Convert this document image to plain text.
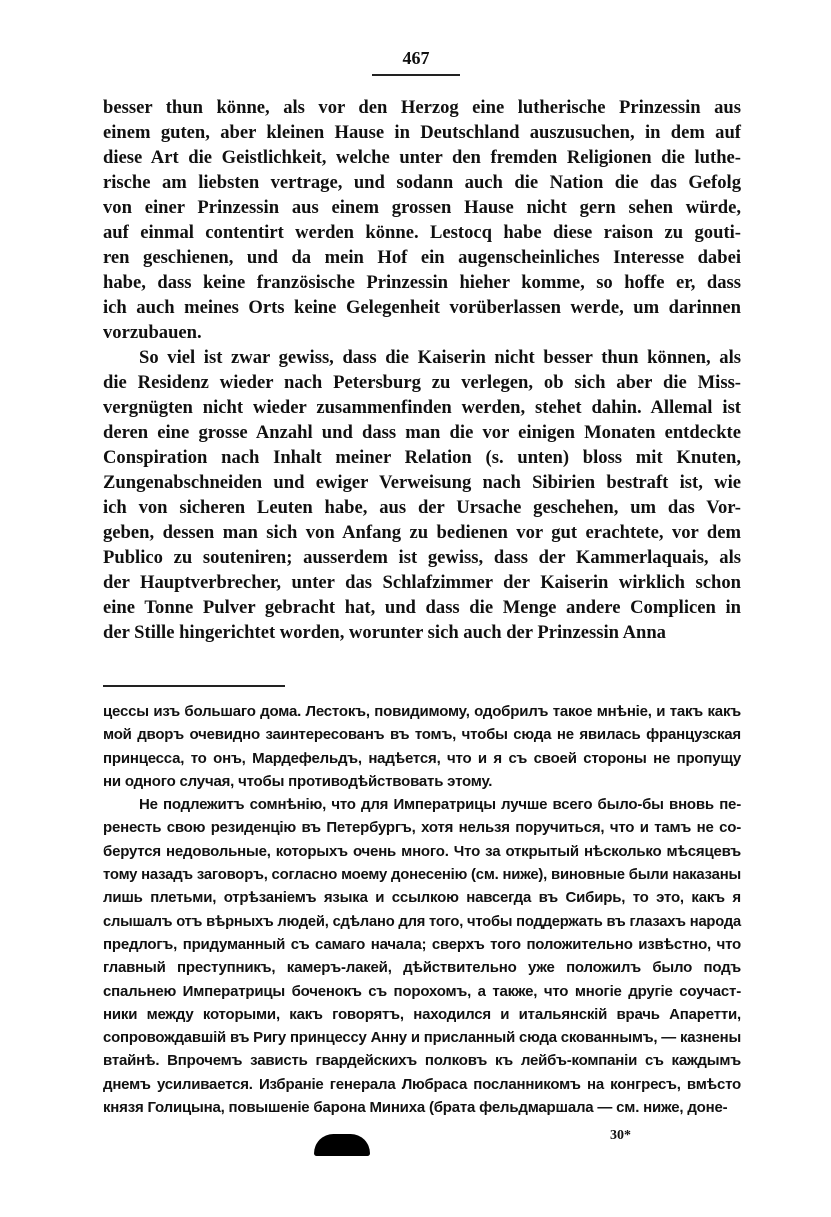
467
besser thun könne, als vor den Herzog eine lutherische Prinzessin aus
einem guten, aber kleinen Hause in Deutschland auszusuchen, in dem auf
diese Art die Geistlichkeit, welche unter den fremden Religionen die luthe-
rische am liebsten vertrage, und sodann auch die Nation die das Gefolg
von einer Prinzessin aus einem grossen Hause nicht gern sehen würde,
auf einmal contentirt werden könne. Lestocq habe diese raison zu gouti-
ren geschienen, und da mein Hof ein augenscheinliches Interesse dabei
habe, dass keine französische Prinzessin hieher komme, so hoffe er, dass
ich auch meines Orts keine Gelegenheit vorüberlassen werde, um darinnen
vorzubauen.
So viel ist zwar gewiss, dass die Kaiserin nicht besser thun können, als
die Residenz wieder nach Petersburg zu verlegen, ob sich aber die Miss-
vergnügten nicht wieder zusammenfinden werden, stehet dahin. Allemal ist
deren eine grosse Anzahl und dass man die vor einigen Monaten entdeckte
Conspiration nach Inhalt meiner Relation (s. unten) bloss mit Knuten,
Zungenabschneiden und ewiger Verweisung nach Sibirien bestraft ist, wie
ich von sicheren Leuten habe, aus der Ursache geschehen, um das Vor-
geben, dessen man sich von Anfang zu bedienen vor gut erachtete, vor dem
Publico zu souteniren; ausserdem ist gewiss, dass der Kammerlaquais, als
der Hauptverbrecher, unter das Schlafzimmer der Kaiserin wirklich schon
eine Tonne Pulver gebracht hat, und dass die Menge andere Complicen in
der Stille hingerichtet worden, worunter sich auch der Prinzessin Anna
цессы изъ большаго дома. Лестокъ, повидимому, одобрилъ такое мнѣніе, и такъ какъ
мой дворъ очевидно заинтересованъ въ томъ, чтобы сюда не явилась французская
принцесса, то онъ, Мардефельдъ, надѣется, что и я съ своей стороны не пропущу
ни одного случая, чтобы противодѣйствовать этому.
Не подлежитъ сомнѣнію, что для Императрицы лучше всего было-бы вновь пе-
ренесть свою резиденцію въ Петербургъ, хотя нельзя поручиться, что и тамъ не со-
берутся недовольные, которыхъ очень много. Что за открытый нѣсколько мѣсяцевъ
тому назадъ заговоръ, согласно моему донесенію (см. ниже), виновные были наказаны
лишь плетьми, отрѣзаніемъ языка и ссылкою навсегда въ Сибирь, то это, какъ я
слышалъ отъ вѣрныхъ людей, сдѣлано для того, чтобы поддержать въ глазахъ народа
предлогъ, придуманный съ самаго начала; сверхъ того положительно извѣстно, что
главный преступникъ, камеръ-лакей, дѣйствительно уже положилъ было подъ
спальнею Императрицы боченокъ съ порохомъ, а также, что многіе другіе соучаст-
ники между которыми, какъ говорятъ, находился и итальянскій врачь Апаретти,
сопровождавшій въ Ригу принцессу Анну и присланный сюда скованнымъ, — казнены
втайнѣ. Впрочемъ зависть гвардейскихъ полковъ къ лейбъ-компаніи съ каждымъ
днемъ усиливается. Избраніе генерала Любраса посланникомъ на конгресъ, вмѣсто
князя Голицына, повышеніе барона Миниха (брата фельдмаршала — см. ниже, доне-
30*
